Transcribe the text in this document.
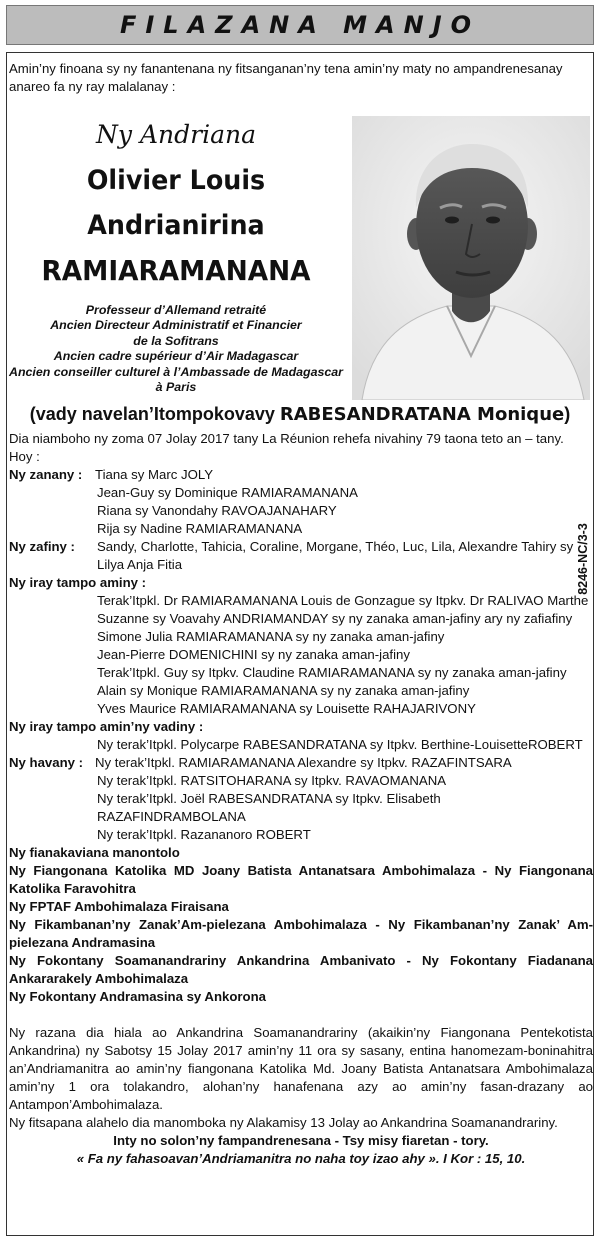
FILAZANA MANJO
Amin’ny finoana sy ny fanantenana ny fitsanganan’ny tena amin’ny maty no ampandrenesanay anareo fa ny ray malalanay :
Ny Andriana
Olivier Louis
Andrianirina
RAMIARAMANANA
Professeur d’Allemand retraité
Ancien Directeur Administratif et Financier
de la Sofitrans
Ancien cadre supérieur d’Air Madagascar
Ancien conseiller culturel à l’Ambassade de Madagascar
à Paris
(vady navelan’Itompokovavy RABESANDRATANA Monique)
8246-NC/3-3

Dia niamboho ny zoma 07 Jolay 2017 tany La Réunion rehefa nivahiny 79 taona teto an – tany.

Hoy :

Ny zanany : Tiana sy Marc JOLY

Jean-Guy sy Dominique RAMIARAMANANA

Riana sy Vanondahy RAVOAJANAHARY

Rija sy Nadine RAMIARAMANANA

Ny zafiny :	Sandy, Charlotte, Tahicia, Coraline, Morgane, Théo, Luc, Lila, Alexandre Tahiry sy

Lilya Anja Fitia

Ny iray tampo aminy :

Terak’Itpkl. Dr RAMIARAMANANA Louis de Gonzague sy Itpkv. Dr RALIVAO Marthe

Suzanne sy Voavahy ANDRIAMANDAY sy ny zanaka aman-jafiny ary ny zafiafiny

Simone Julia RAMIARAMANANA sy ny zanaka aman-jafiny

Jean-Pierre DOMENICHINI sy ny zanaka aman-jafiny

Terak’Itpkl. Guy sy Itpkv. Claudine RAMIARAMANANA sy ny zanaka aman-jafiny

Alain sy Monique RAMIARAMANANA sy ny zanaka aman-jafiny

Yves Maurice RAMIARAMANANA sy Louisette RAHAJARIVONY

Ny iray tampo amin’ny vadiny :

Ny terak’Itpkl. Polycarpe RABESANDRATANA sy Itpkv. Berthine-LouisetteROBERT

Ny havany : Ny terak’Itpkl. RAMIARAMANANA Alexandre sy Itpkv. RAZAFINTSARA

Ny terak’Itpkl. RATSITOHARANA sy Itpkv. RAVAOMANANA

Ny terak’Itpkl. Joël RABESANDRATANA sy Itpkv. Elisabeth RAZAFINDRAMBOLANA

Ny terak’Itpkl. Razananoro ROBERT

Ny fianakaviana manontolo

Ny Fiangonana Katolika MD Joany Batista Antanatsara Ambohimalaza - Ny Fiangonana Katolika Faravohitra

Ny FPTAF Ambohimalaza Firaisana

Ny Fikambanan’ny Zanak’Am-pielezana Ambohimalaza - Ny Fikambanan’ny Zanak’ Am-pielezana Andramasina

Ny Fokontany Soamanandrariny Ankandrina Ambanivato - Ny Fokontany Fiadanana Ankararakely Ambohimalaza

Ny Fokontany Andramasina sy Ankorona

Ny razana dia hiala ao Ankandrina Soamanandrariny (akaikin’ny Fiangonana Pentekotista Ankandrina) ny Sabotsy 15 Jolay 2017 amin’ny 11 ora sy sasany, entina hanomezam-boninahitra an’Andriamanitra ao amin’ny fiangonana Katolika Md. Joany Batista Antanatsara Ambohimalaza amin’ny 1 ora tolakandro, alohan’ny hanafenana azy ao amin’ny fasan-drazany ao Antampon’Ambohimalaza.

Ny fitsapana alahelo dia manomboka ny Alakamisy 13 Jolay ao Ankandrina Soamanandrariny.

Inty no solon’ny fampandrenesana - Tsy misy fiaretan - tory.

« Fa ny fahasoavan’Andriamanitra no naha toy izao ahy ». I Kor : 15, 10.
